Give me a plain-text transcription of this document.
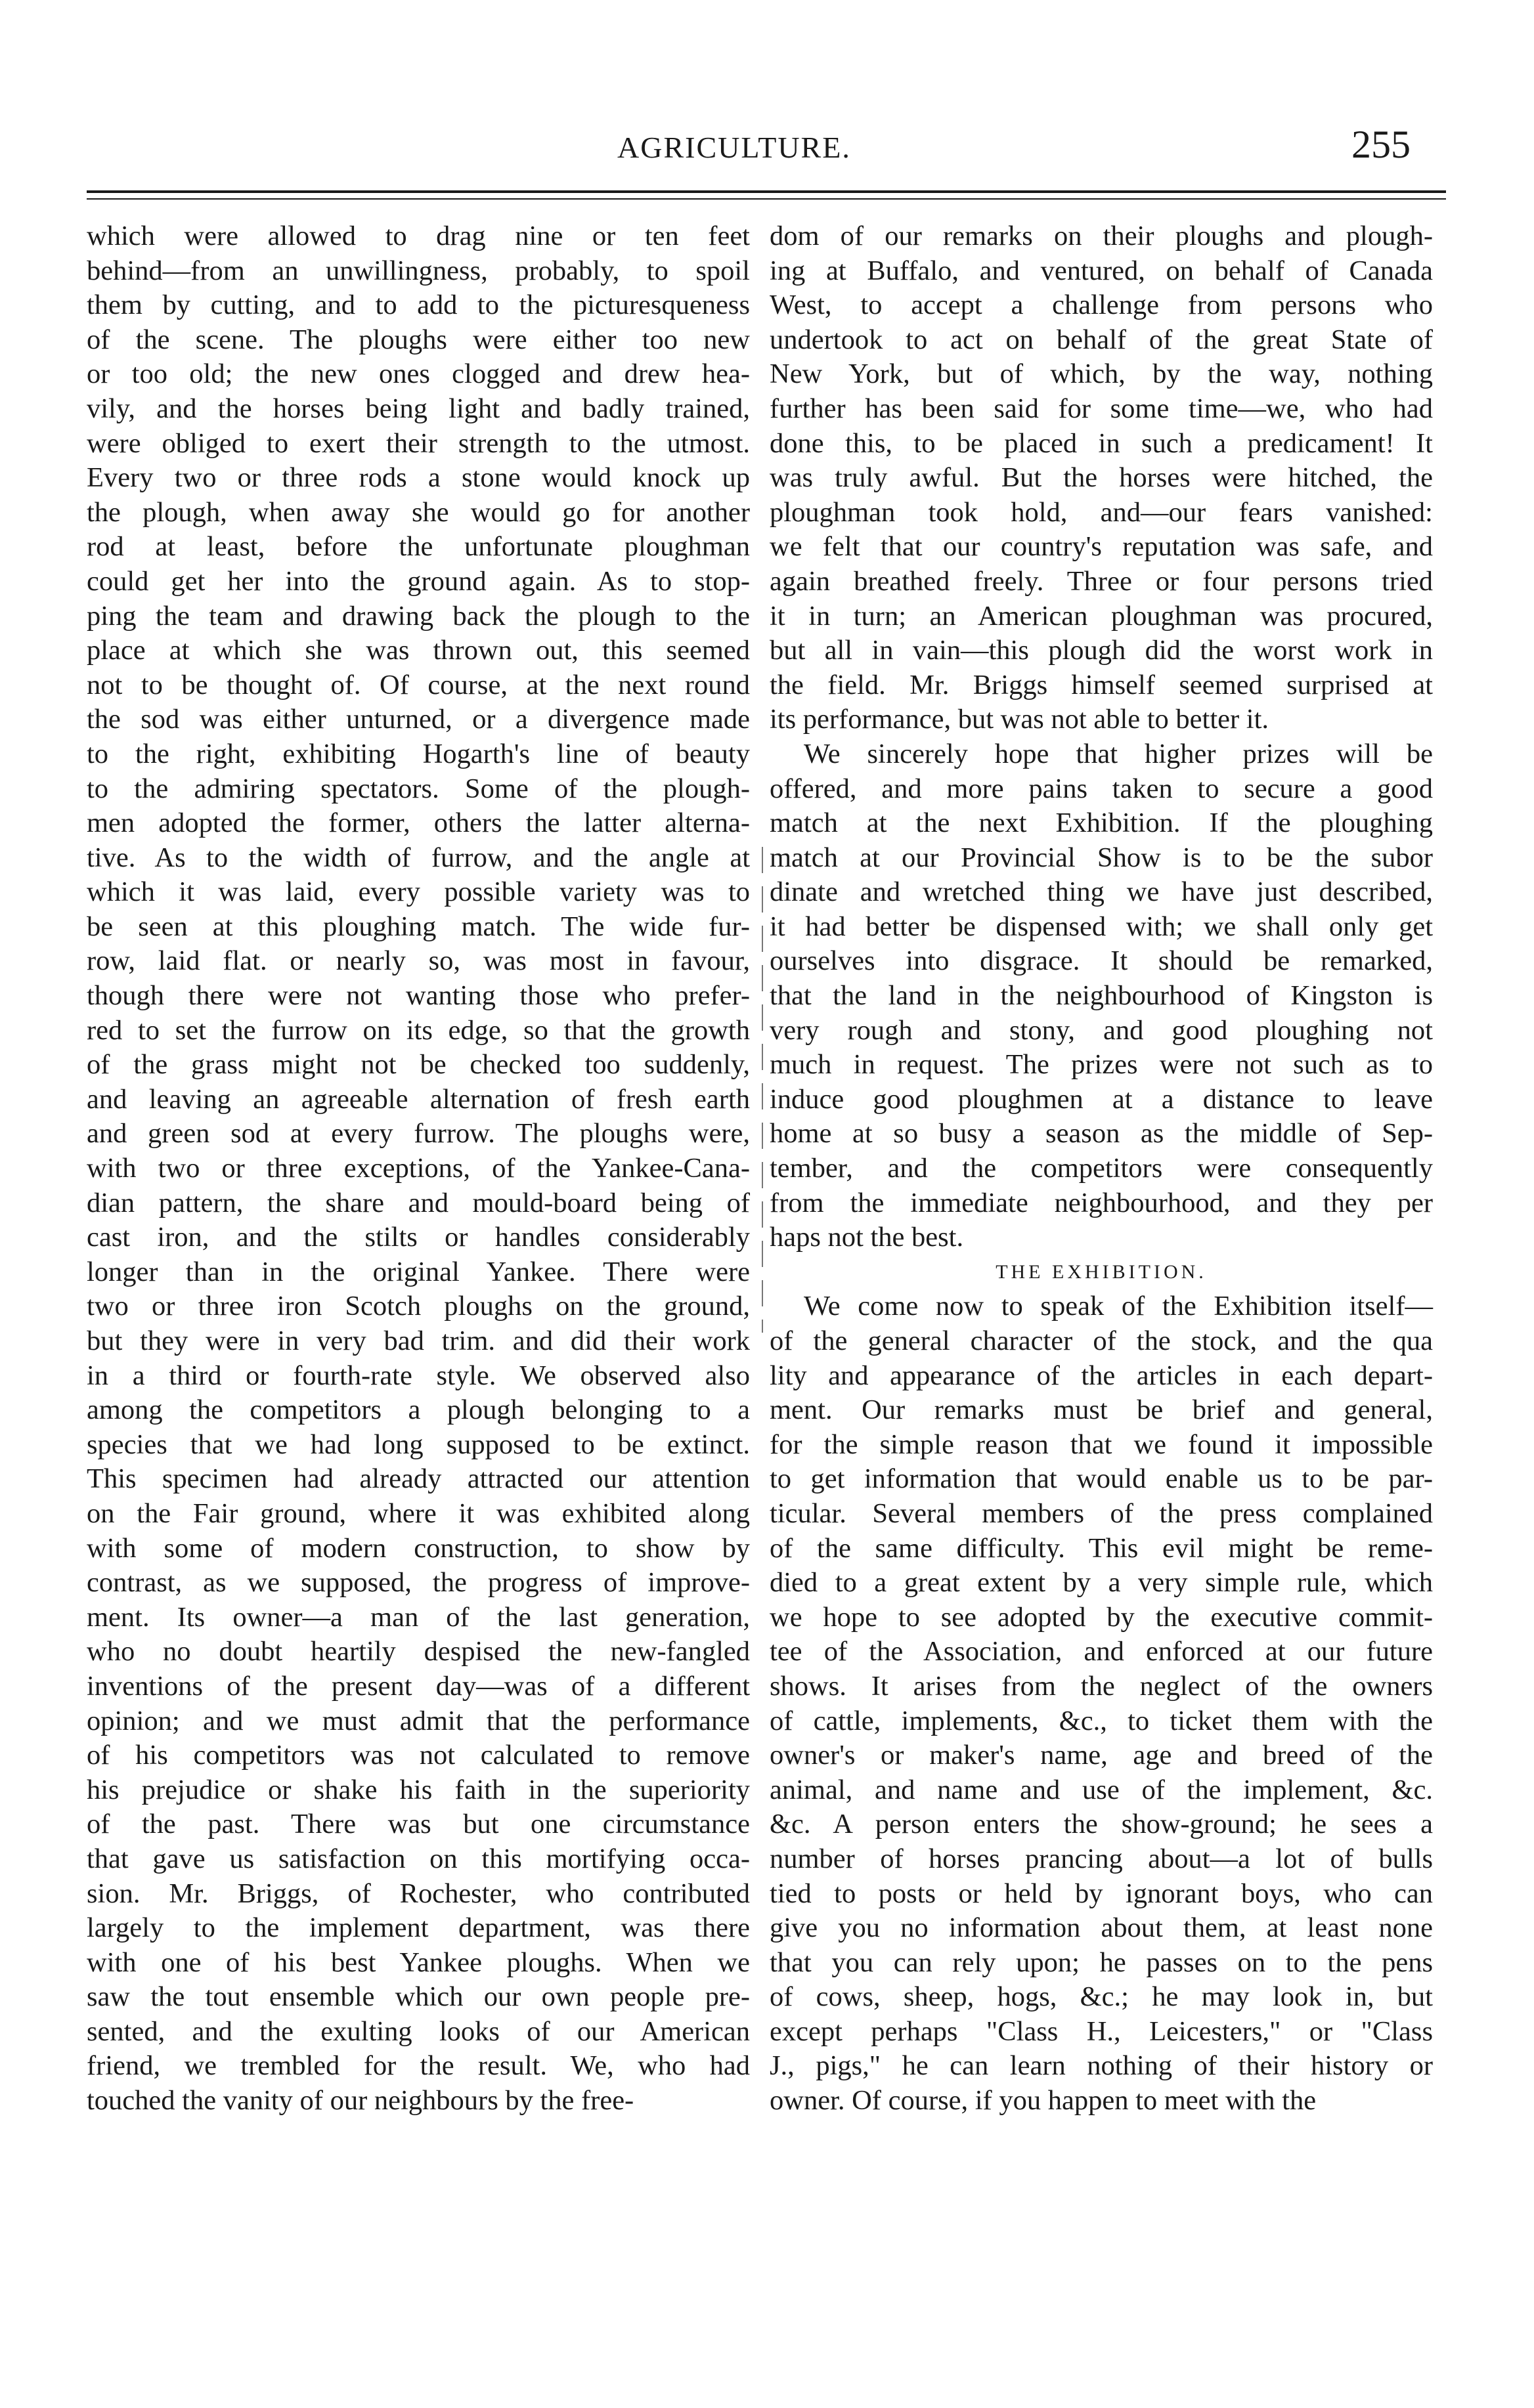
AGRICULTURE.	255
which were allowed to drag nine or ten feet
behind—from an unwillingness, probably, to spoil
them by cutting, and to add to the picturesqueness
of the scene. The ploughs were either too new
or too old; the new ones clogged and drew hea-
vily, and the horses being light and badly trained,
were obliged to exert their strength to the utmost.
Every two or three rods a stone would knock up
the plough, when away she would go for another
rod at least, before the unfortunate ploughman
could get her into the ground again. As to stop-
ping the team and drawing back the plough to the
place at which she was thrown out, this seemed
not to be thought of. Of course, at the next round
the sod was either unturned, or a divergence made
to the right, exhibiting Hogarth's line of beauty
to the admiring spectators. Some of the plough-
men adopted the former, others the latter alterna-
tive. As to the width of furrow, and the angle at
which it was laid, every possible variety was to
be seen at this ploughing match. The wide fur-
row, laid flat. or nearly so, was most in favour,
though there were not wanting those who prefer-
red to set the furrow on its edge, so that the growth
of the grass might not be checked too suddenly,
and leaving an agreeable alternation of fresh earth
and green sod at every furrow. The ploughs were,
with two or three exceptions, of the Yankee-Cana-
dian pattern, the share and mould-board being of
cast iron, and the stilts or handles considerably
longer than in the original Yankee. There were
two or three iron Scotch ploughs on the ground,
but they were in very bad trim. and did their work
in a third or fourth-rate style. We observed also
among the competitors a plough belonging to a
species that we had long supposed to be extinct.
This specimen had already attracted our attention
on the Fair ground, where it was exhibited along
with some of modern construction, to show by
contrast, as we supposed, the progress of improve-
ment. Its owner—a man of the last generation,
who no doubt heartily despised the new-fangled
inventions of the present day—was of a different
opinion; and we must admit that the performance
of his competitors was not calculated to remove
his prejudice or shake his faith in the superiority
of the past. There was but one circumstance
that gave us satisfaction on this mortifying occa-
sion. Mr. Briggs, of Rochester, who contributed
largely to the implement department, was there
with one of his best Yankee ploughs. When we
saw the tout ensemble which our own people pre-
sented, and the exulting looks of our American
friend, we trembled for the result. We, who had
touched the vanity of our neighbours by the free-
dom of our remarks on their ploughs and plough-
ing at Buffalo, and ventured, on behalf of Canada
West, to accept a challenge from persons who
undertook to act on behalf of the great State of
New York, but of which, by the way, nothing
further has been said for some time—we, who had
done this, to be placed in such a predicament! It
was truly awful. But the horses were hitched, the
ploughman took hold, and—our fears vanished:
we felt that our country's reputation was safe, and
again breathed freely. Three or four persons tried
it in turn; an American ploughman was procured,
but all in vain—this plough did the worst work in
the field. Mr. Briggs himself seemed surprised at
its performance, but was not able to better it.
We sincerely hope that higher prizes will be
offered, and more pains taken to secure a good
match at the next Exhibition. If the ploughing
match at our Provincial Show is to be the subor
dinate and wretched thing we have just described,
it had better be dispensed with; we shall only get
ourselves into disgrace. It should be remarked,
that the land in the neighbourhood of Kingston is
very rough and stony, and good ploughing not
much in request. The prizes were not such as to
induce good ploughmen at a distance to leave
home at so busy a season as the middle of Sep-
tember, and the competitors were consequently
from the immediate neighbourhood, and they per
haps not the best.
THE EXHIBITION.
We come now to speak of the Exhibition itself—
of the general character of the stock, and the qua
lity and appearance of the articles in each depart-
ment. Our remarks must be brief and general,
for the simple reason that we found it impossible
to get information that would enable us to be par-
ticular. Several members of the press complained
of the same difficulty. This evil might be reme-
died to a great extent by a very simple rule, which
we hope to see adopted by the executive commit-
tee of the Association, and enforced at our future
shows. It arises from the neglect of the owners
of cattle, implements, &c., to ticket them with the
owner's or maker's name, age and breed of the
animal, and name and use of the implement, &c.
&c. A person enters the show-ground; he sees a
number of horses prancing about—a lot of bulls
tied to posts or held by ignorant boys, who can
give you no information about them, at least none
that you can rely upon; he passes on to the pens
of cows, sheep, hogs, &c.; he may look in, but
except perhaps "Class H., Leicesters," or "Class
J., pigs," he can learn nothing of their history or
owner. Of course, if you happen to meet with the
